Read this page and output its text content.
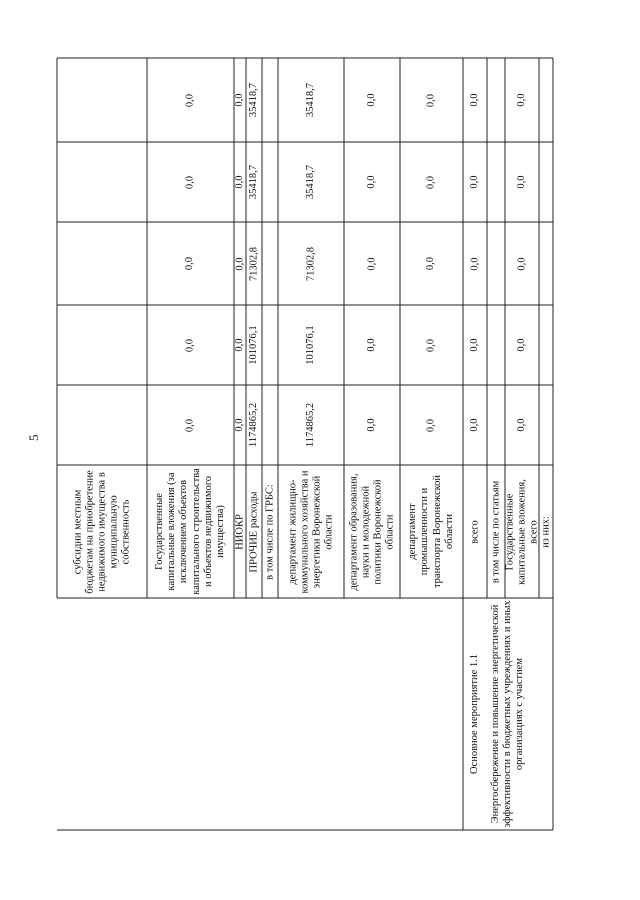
5
субсидии местным бюджетам на приобретение недвижимого имущества в муниципальную собственность	Государственные капитальные вложения (за исключением объектов капитального строительства и объектов недвижимого имущества)
0,0
0,0
0,0
0,0
0,0
НИОКР
0,0
0,0
0,0
0,0
0,0
ПРОЧИЕ расходы
1174865,2
101076,1
71302,8
35418,7
35418,7
в том числе по ГРБС:	департамент жилищно-коммунального хозяйства и энергетики Воронежской области
1174865,2
101076,1
71302,8
35418,7
35418,7
департамент образования, науки и молодежной политики Воронежской области
0,0
0,0
0,0
0,0
0,0
департамент промышленности и транспорта Воронежской области
0,0
0,0
0,0
0,0
0,0
всего
0,0
0,0
0,0
0,0
0,0
в том числе по статьям Государственные капитальные вложения, всего
0,0
0,0
0,0
0,0
0,0
из них:
Основное мероприятие 1.1 Энергосбережение и повышение энергетической эффективности в бюджетных учреждениях и иных организациях с участием
